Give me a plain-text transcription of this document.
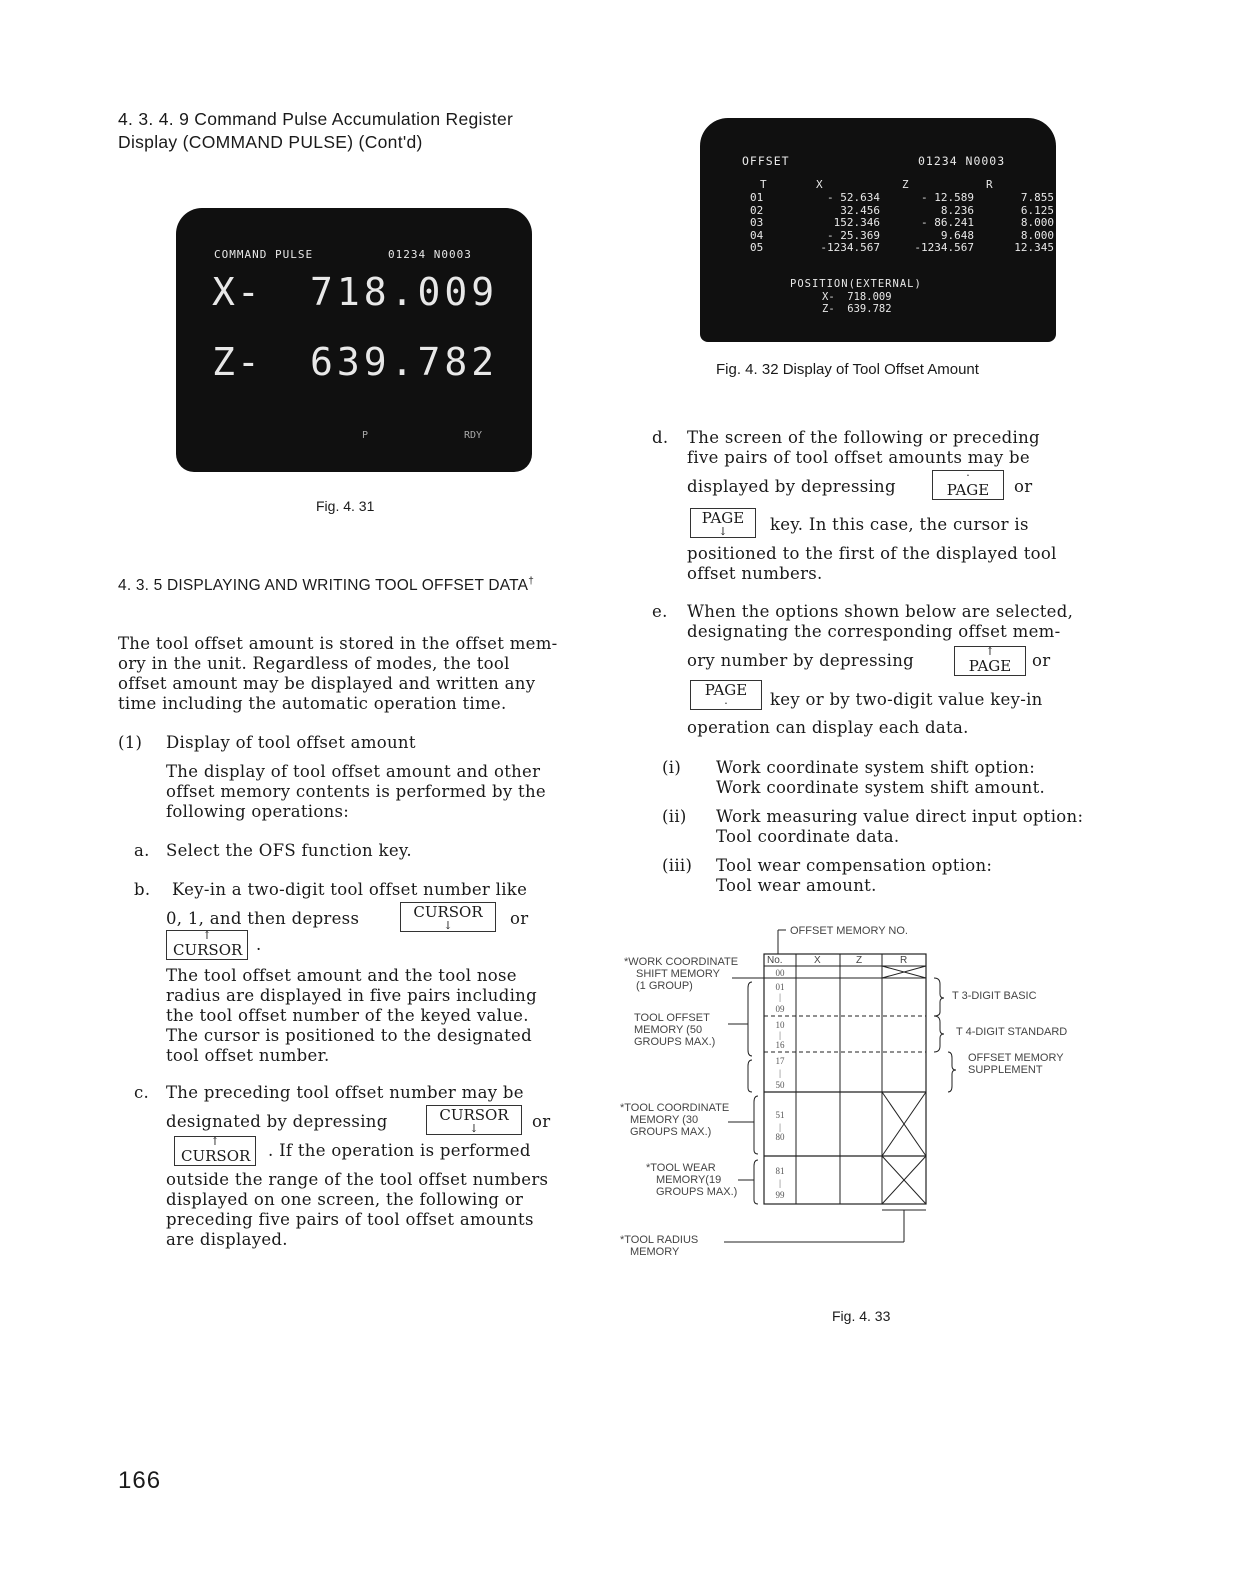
4. 3. 4. 9 Command Pulse Accumulation Register
Display (COMMAND PULSE) (Cont'd)
COMMAND PULSE	01234 N0003
X- 718.009
Z- 639.782
P	RDY
Fig. 4. 31
4. 3. 5 DISPLAYING AND WRITING TOOL OFFSET DATA†
The tool offset amount is stored in the offset mem-
ory in the unit. Regardless of modes, the tool
offset amount may be displayed and written any
time including the automatic operation time.
(1) Display of tool offset amount
The display of tool offset amount and other
offset memory contents is performed by the
following operations:
a. Select the OFS function key.
b. Key-in a two-digit tool offset number like
0, 1, and then depress	CURSOR
↓	or
↑
CURSOR ·
The tool offset amount and the tool nose
radius are displayed in five pairs including
the tool offset number of the keyed value.
The cursor is positioned to the designated
tool offset number.
c. The preceding tool offset number may be
designated by depressing	CURSOR
↓	or
↑
CURSOR	. If the operation is performed
outside the range of the tool offset numbers
displayed on one screen, the following or
preceding five pairs of tool offset amounts
are displayed.
OFFSET	01234 N0003
T	X	Z	R
01	- 52.634	- 12.589	7.855
02	32.456	8.236	6.125
03	152.346	- 86.241	8.000
04	- 25.369	9.648	8.000
05	-1234.567	-1234.567	12.345
POSITION(EXTERNAL)
X-  718.009
Z-  639.782
Fig. 4. 32 Display of Tool Offset Amount
d. The screen of the following or preceding
five pairs of tool offset amounts may be
displayed by depressing
·
PAGE	or
PAGE
↓	key. In this case, the cursor is
positioned to the first of the displayed tool
offset numbers.
e. When the options shown below are selected,
designating the corresponding offset mem-
ory number by depressing	↑
PAGE	or
PAGE
·	key or by two-digit value key-in
operation can display each data.
(i) Work coordinate system shift option:
Work coordinate system shift amount.
(ii) Work measuring value direct input option:
Tool coordinate data.
(iii) Tool wear compensation option:
Tool wear amount.
OFFSET MEMORY NO.
No.	X	Z	R
00
01
|
09
10
|
16
17
|
50
51
|
80
81
|
99
*WORK COORDINATE
SHIFT MEMORY
(1 GROUP)
TOOL OFFSET
MEMORY (50
GROUPS MAX.)
*TOOL COORDINATE
MEMORY (30
GROUPS MAX.)
*TOOL WEAR
MEMORY(19
GROUPS MAX.)
*TOOL RADIUS
MEMORY
T 3-DIGIT BASIC
T 4-DIGIT STANDARD
OFFSET MEMORY
SUPPLEMENT
Fig. 4. 33
166
